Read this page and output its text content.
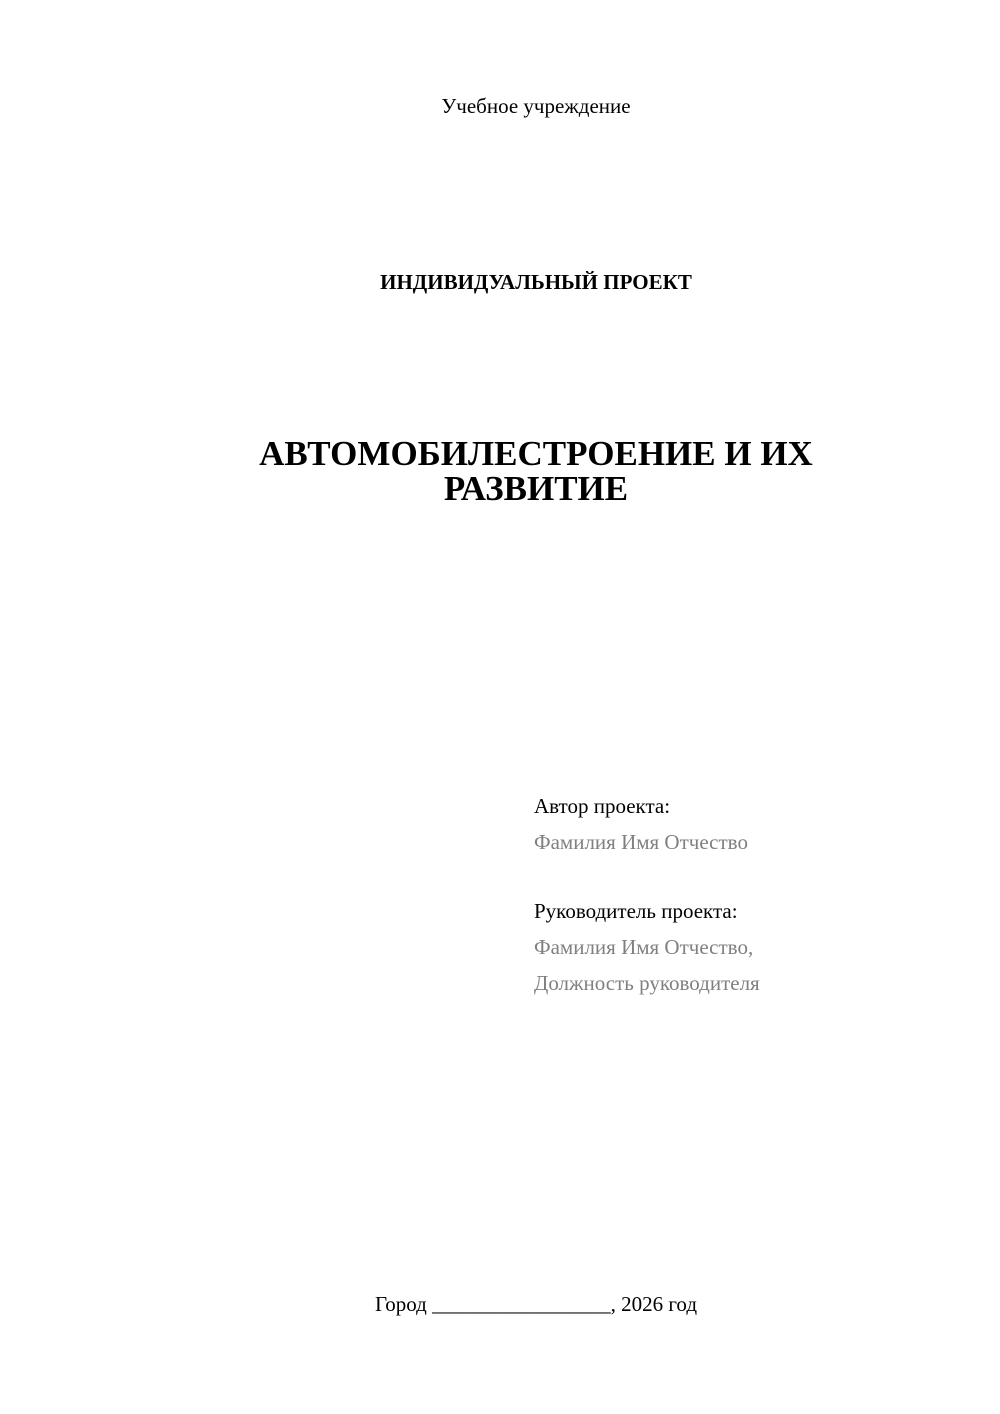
Учебное учреждение
ИНДИВИДУАЛЬНЫЙ ПРОЕКТ
АВТОМОБИЛЕСТРОЕНИЕ И ИХ
РАЗВИТИЕ
Автор проекта:
Фамилия Имя Отчество
Руководитель проекта:
Фамилия Имя Отчество,
Должность руководителя
Город _________________, 2026 год
